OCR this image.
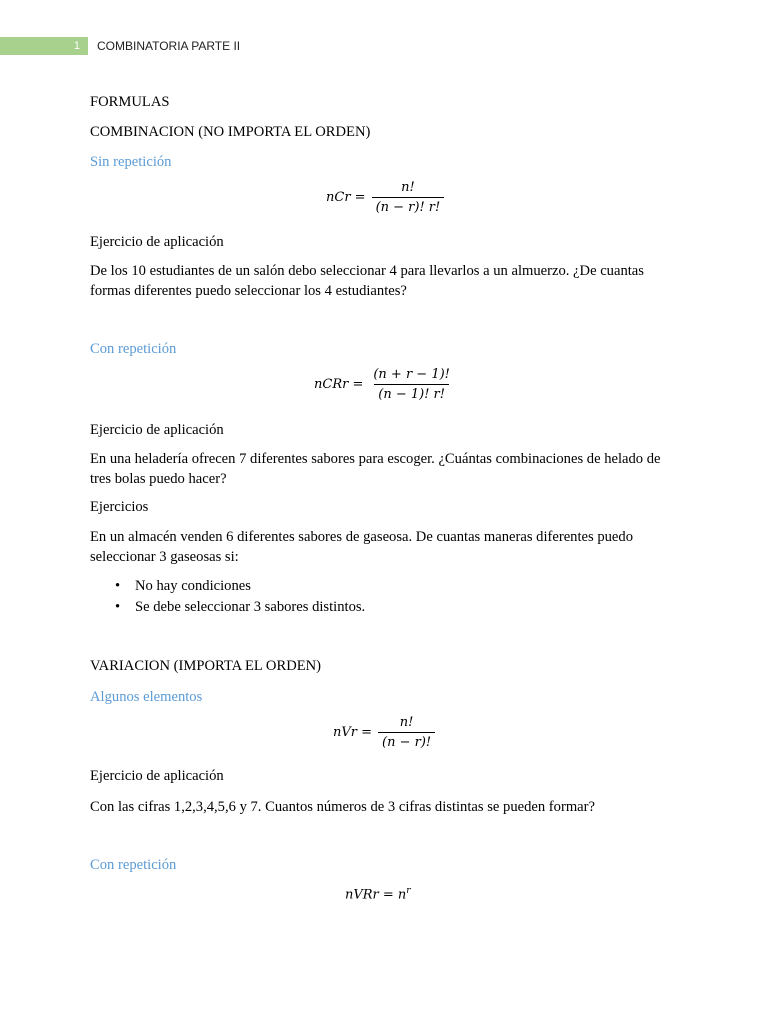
1	COMBINATORIA PARTE II
FORMULAS
COMBINACION (NO IMPORTA EL ORDEN)
Sin repetición
nCr = $\frac{n!}{(n - r)! r!}$
Ejercicio de aplicación
De los 10 estudiantes de un salón debo seleccionar 4 para llevarlos a un almuerzo. ¿De cuantas formas diferentes puedo seleccionar los 4 estudiantes?
Con repetición
nCRr = $\frac{(n + r - 1)!}{(n - 1)! r!}$
Ejercicio de aplicación
En una heladería ofrecen 7 diferentes sabores para escoger. ¿Cuántas combinaciones de helado de tres bolas puedo hacer?
Ejercicios
En un almacén venden 6 diferentes sabores de gaseosa. De cuantas maneras diferentes puedo seleccionar 3 gaseosas si:
• No hay condiciones
• Se debe seleccionar 3 sabores distintos.
VARIACION (IMPORTA EL ORDEN)
Algunos elementos
nVr = $\frac{n!}{(n - r)!}$
Ejercicio de aplicación
Con las cifras 1,2,3,4,5,6 y 7. Cuantos números de 3 cifras distintas se pueden formar?
Con repetición
nVRr = $n^r$
